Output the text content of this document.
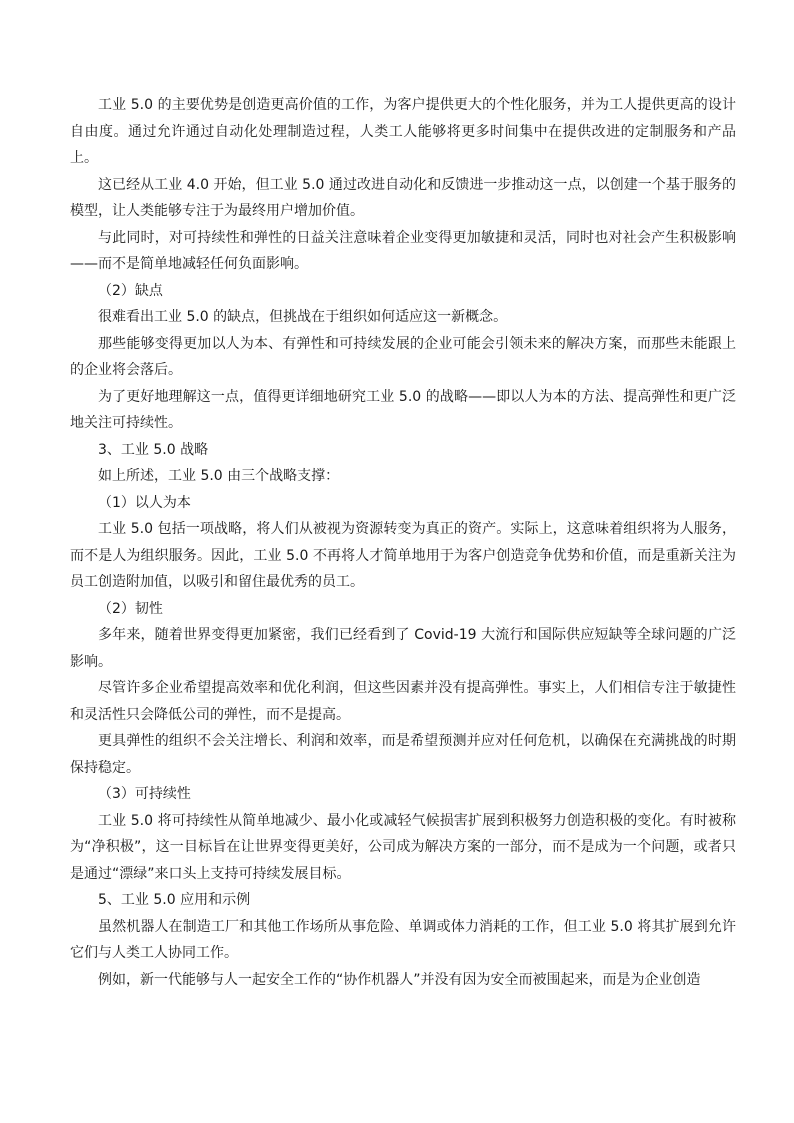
工业 5.0 的主要优势是创造更高价值的工作，为客户提供更大的个性化服务，并为工人提供更高的设计自由度。通过允许通过自动化处理制造过程，人类工人能够将更多时间集中在提供改进的定制服务和产品上。

这已经从工业 4.0 开始，但工业 5.0 通过改进自动化和反馈进一步推动这一点，以创建一个基于服务的模型，让人类能够专注于为最终用户增加价值。

与此同时，对可持续性和弹性的日益关注意味着企业变得更加敏捷和灵活，同时也对社会产生积极影响——而不是简单地减轻任何负面影响。

（2）缺点

很难看出工业 5.0 的缺点，但挑战在于组织如何适应这一新概念。

那些能够变得更加以人为本、有弹性和可持续发展的企业可能会引领未来的解决方案，而那些未能跟上的企业将会落后。

为了更好地理解这一点，值得更详细地研究工业 5.0 的战略——即以人为本的方法、提高弹性和更广泛地关注可持续性。

3、工业 5.0 战略

如上所述，工业 5.0 由三个战略支撑：

（1）以人为本

工业 5.0 包括一项战略，将人们从被视为资源转变为真正的资产。实际上，这意味着组织将为人服务，而不是人为组织服务。因此，工业 5.0 不再将人才简单地用于为客户创造竞争优势和价值，而是重新关注为员工创造附加值，以吸引和留住最优秀的员工。

（2）韧性

多年来，随着世界变得更加紧密，我们已经看到了 Covid-19 大流行和国际供应短缺等全球问题的广泛影响。

尽管许多企业希望提高效率和优化利润，但这些因素并没有提高弹性。事实上，人们相信专注于敏捷性和灵活性只会降低公司的弹性，而不是提高。

更具弹性的组织不会关注增长、利润和效率，而是希望预测并应对任何危机，以确保在充满挑战的时期保持稳定。

（3）可持续性

工业 5.0 将可持续性从简单地减少、最小化或减轻气候损害扩展到积极努力创造积极的变化。有时被称为“净积极”，这一目标旨在让世界变得更美好，公司成为解决方案的一部分，而不是成为一个问题，或者只是通过“漂绿”来口头上支持可持续发展目标。

5、工业 5.0 应用和示例

虽然机器人在制造工厂和其他工作场所从事危险、单调或体力消耗的工作，但工业 5.0 将其扩展到允许它们与人类工人协同工作。

例如，新一代能够与人一起安全工作的“协作机器人”并没有因为安全而被围起来，而是为企业创造
